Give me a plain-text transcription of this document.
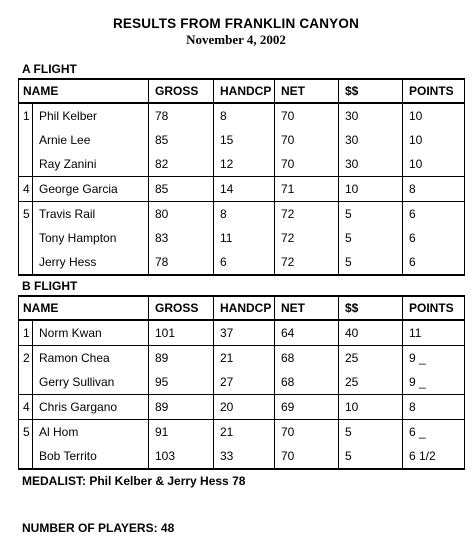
RESULTS FROM FRANKLIN CANYON
November 4, 2002
A FLIGHT
NAME		GROSS	HANDCP	NET	$$	POINTS
1	Phil Kelber	78	8	70	30	10
	Arnie Lee	85	15	70	30	10
	Ray Zanini	82	12	70	30	10
4	George Garcia	85	14	71	10	8
5	Travis Rail	80	8	72	5	6
	Tony Hampton	83	11	72	5	6
	Jerry Hess	78	6	72	5	6
B FLIGHT
NAME		GROSS	HANDCP	NET	$$	POINTS
1	Norm Kwan	101	37	64	40	11
2	Ramon Chea	89	21	68	25	9 _
	Gerry Sullivan	95	27	68	25	9 _
4	Chris Gargano	89	20	69	10	8
5	Al Hom	91	21	70	5	6 _
	Bob Territo	103	33	70	5	6 1/2
MEDALIST: Phil Kelber & Jerry Hess 78
NUMBER OF PLAYERS: 48
